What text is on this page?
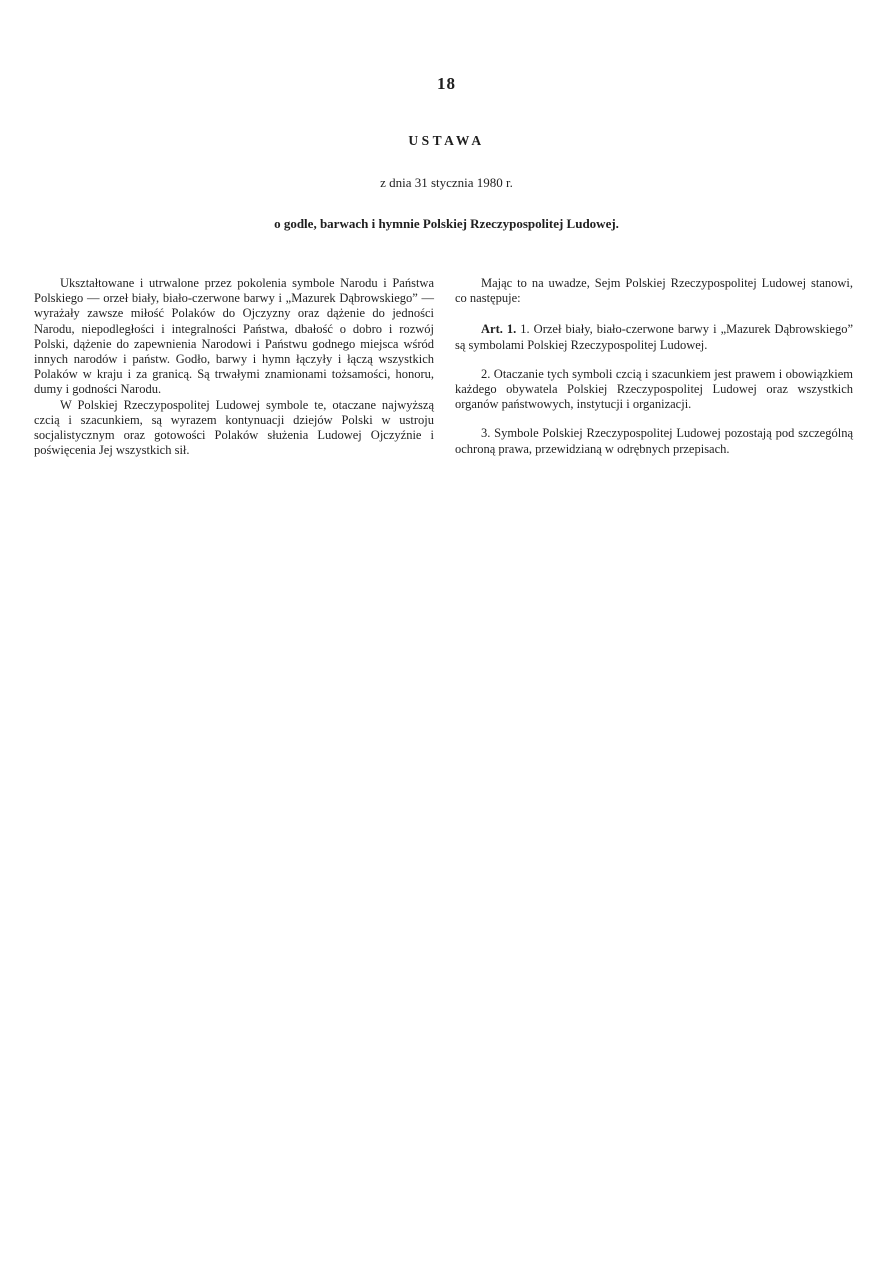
18
USTAWA
z dnia 31 stycznia 1980 r.
o godle, barwach i hymnie Polskiej Rzeczypospolitej Ludowej.

Ukształtowane i utrwalone przez pokolenia symbole Narodu i Państwa Polskiego — orzeł biały, biało-czerwone barwy i „Mazurek Dąbrowskiego” — wyrażały zawsze miłość Polaków do Ojczyzny oraz dążenie do jedności Narodu, niepodległości i integralności Państwa, dbałość o dobro i rozwój Polski, dążenie do zapewnienia Narodowi i Państwu godnego miejsca wśród innych narodów i państw. Godło, barwy i hymn łączyły i łączą wszystkich Polaków w kraju i za granicą. Są trwałymi znamionami tożsamości, honoru, dumy i godności Narodu.

W Polskiej Rzeczypospolitej Ludowej symbole te, otaczane najwyższą czcią i szacunkiem, są wyrazem kontynuacji dziejów Polski w ustroju socjalistycznym oraz gotowości Polaków służenia Ludowej Ojczyźnie i poświęcenia Jej wszystkich sił.

Mając to na uwadze, Sejm Polskiej Rzeczypospolitej Ludowej stanowi, co następuje:

Art. 1. 1. Orzeł biały, biało-czerwone barwy i „Mazurek Dąbrowskiego” są symbolami Polskiej Rzeczypospolitej Ludowej.

2. Otaczanie tych symboli czcią i szacunkiem jest prawem i obowiązkiem każdego obywatela Polskiej Rzeczypospolitej Ludowej oraz wszystkich organów państwowych, instytucji i organizacji.

3. Symbole Polskiej Rzeczypospolitej Ludowej pozostają pod szczególną ochroną prawa, przewidzianą w odrębnych przepisach.
